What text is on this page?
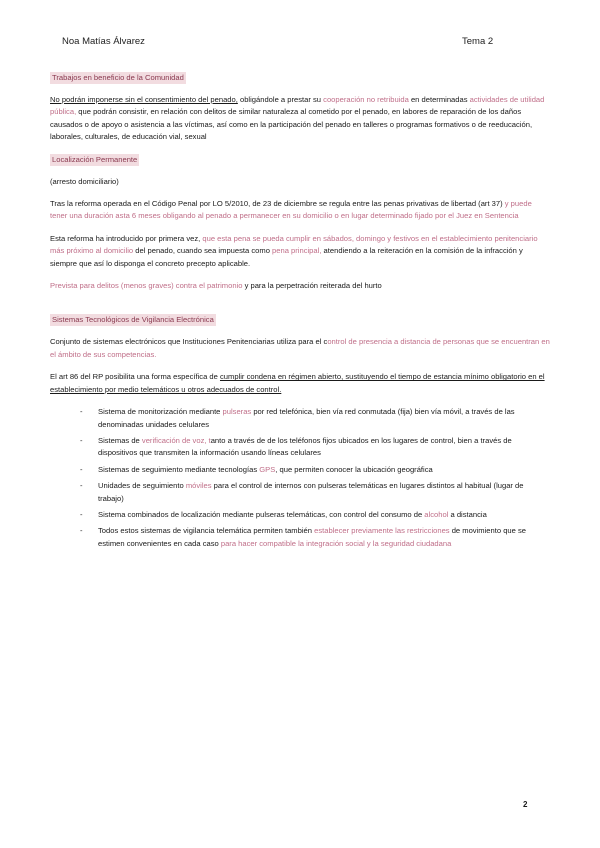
Noa Matías Álvarez	Tema 2
Trabajos en beneficio de la Comunidad

No podrán imponerse sin el consentimiento del penado, obligándole a prestar su cooperación no retribuida en determinadas actividades de utilidad pública, que podrán consistir, en relación con delitos de similar naturaleza al cometido por el penado, en labores de reparación de los daños causados o de apoyo o asistencia a las víctimas, así como en la participación del penado en talleres o programas formativos o de reeducación, laborales, culturales, de educación vial, sexual

Localización Permanente

(arresto domiciliario)

Tras la reforma operada en el Código Penal por LO 5/2010, de 23 de diciembre se regula entre las penas privativas de libertad (art 37) y puede tener una duración asta 6 meses obligando al penado a permanecer en su domicilio o en lugar determinado fijado por el Juez en Sentencia

Esta reforma ha introducido por primera vez, que esta pena se pueda cumplir en sábados, domingo y festivos en el establecimiento penitenciario más próximo al domicilio del penado, cuando sea impuesta como pena principal, atendiendo a la reiteración en la comisión de la infracción y siempre que así lo disponga el concreto precepto aplicable.

Prevista para delitos (menos graves) contra el patrimonio y para la perpetración reiterada del hurto

Sistemas Tecnológicos de Vigilancia Electrónica

Conjunto de sistemas electrónicos que Instituciones Penitenciarias utiliza para el control de presencia a distancia de personas que se encuentran en el ámbito de sus competencias.

El art 86 del RP posibilita una forma específica de cumplir condena en régimen abierto, sustituyendo el tiempo de estancia mínimo obligatorio en el establecimiento por medio telemáticos u otros adecuados de control.

- Sistema de monitorización mediante pulseras por red telefónica, bien vía red conmutada (fija) bien vía móvil, a través de las denominadas unidades celulares
- Sistemas de verificación de voz, tanto a través de de los teléfonos fijos ubicados en los lugares de control, bien a través de dispositivos que transmiten la información usando líneas celulares
- Sistemas de seguimiento mediante tecnologías GPS, que permiten conocer la ubicación geográfica
- Unidades de seguimiento móviles para el control de internos con pulseras telemáticas en lugares distintos al habitual (lugar de trabajo)
- Sistema combinados de localización mediante pulseras telemáticas, con control del consumo de alcohol a distancia
- Todos estos sistemas de vigilancia telemática permiten también establecer previamente las restricciones de movimiento que se estimen convenientes en cada caso para hacer compatible la integración social y la seguridad ciudadana
2
